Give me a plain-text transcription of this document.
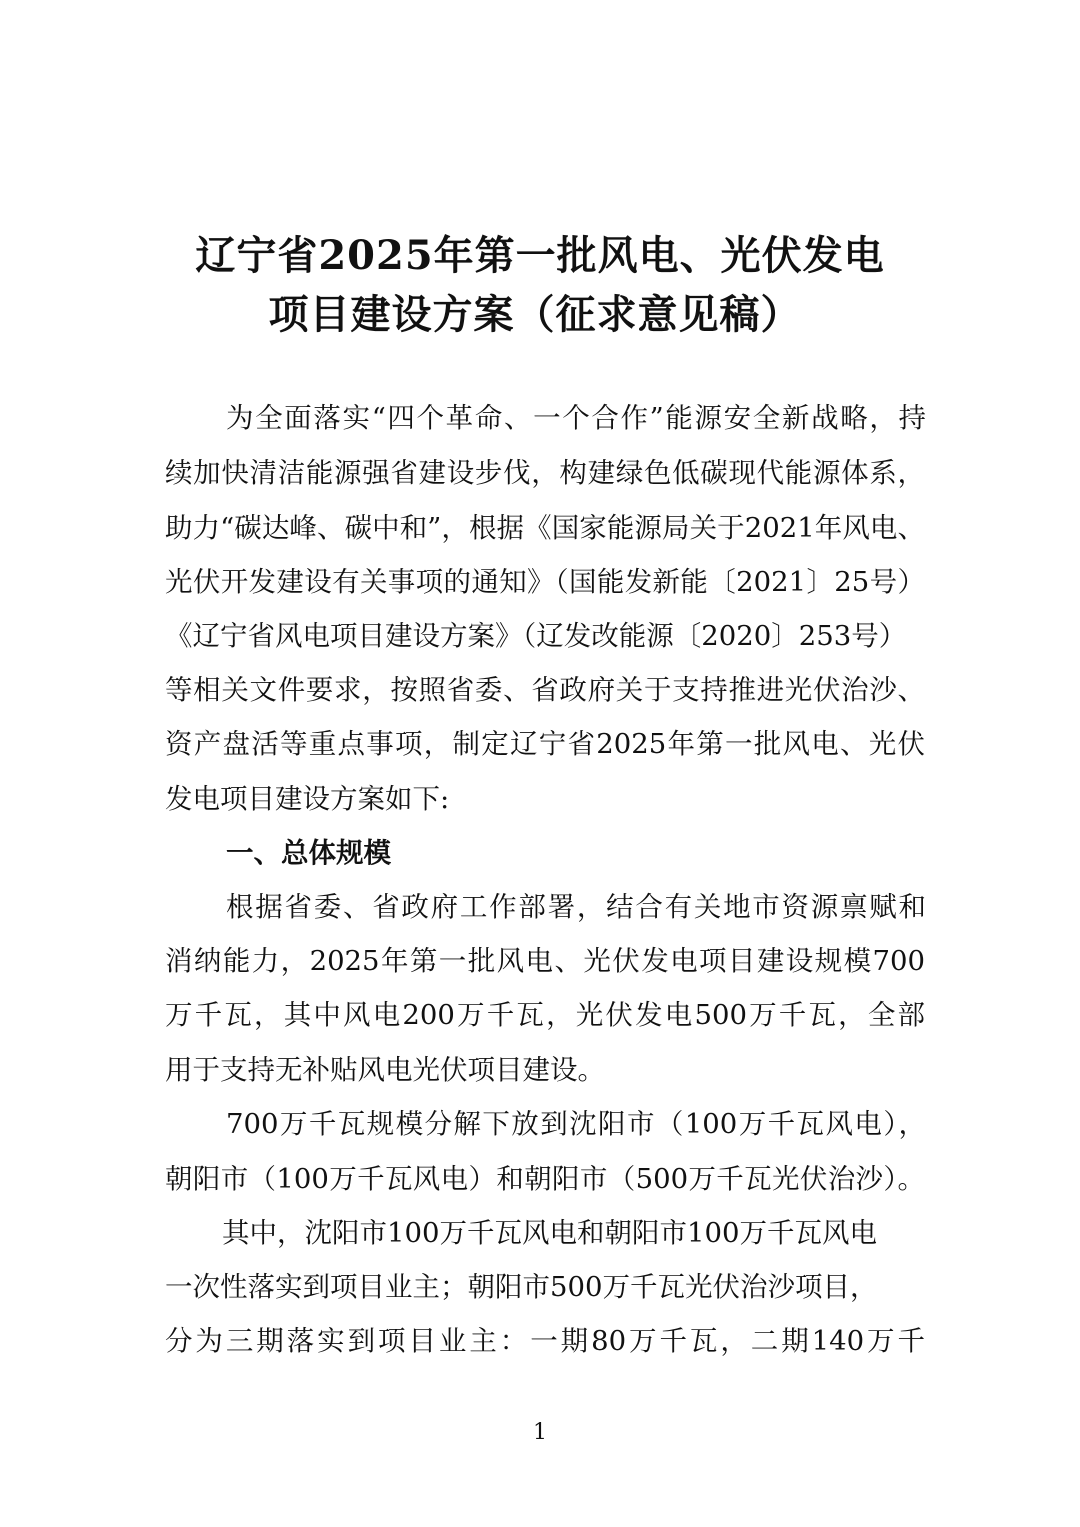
辽宁省2025年第一批风电、光伏发电
项目建设方案（征求意见稿）
为全面落实“四个革命、一个合作”能源安全新战略，持
续加快清洁能源强省建设步伐，构建绿色低碳现代能源体系，
助力“碳达峰、碳中和”，根据《国家能源局关于2021年风电、
光伏开发建设有关事项的通知》（国能发新能〔2021〕25号）
《辽宁省风电项目建设方案》（辽发改能源〔2020〕253号）
等相关文件要求，按照省委、省政府关于支持推进光伏治沙、
资产盘活等重点事项，制定辽宁省2025年第一批风电、光伏
发电项目建设方案如下:
一、总体规模
根据省委、省政府工作部署，结合有关地市资源禀赋和
消纳能力，2025年第一批风电、光伏发电项目建设规模700
万千瓦，其中风电200万千瓦，光伏发电500万千瓦，全部
用于支持无补贴风电光伏项目建设。
700万千瓦规模分解下放到沈阳市（100万千瓦风电），
朝阳市（100万千瓦风电）和朝阳市（500万千瓦光伏治沙）。
其中，沈阳市100万千瓦风电和朝阳市100万千瓦风电
一次性落实到项目业主；朝阳市500万千瓦光伏治沙项目，
分为三期落实到项目业主：一期80万千瓦，二期140万千
1
